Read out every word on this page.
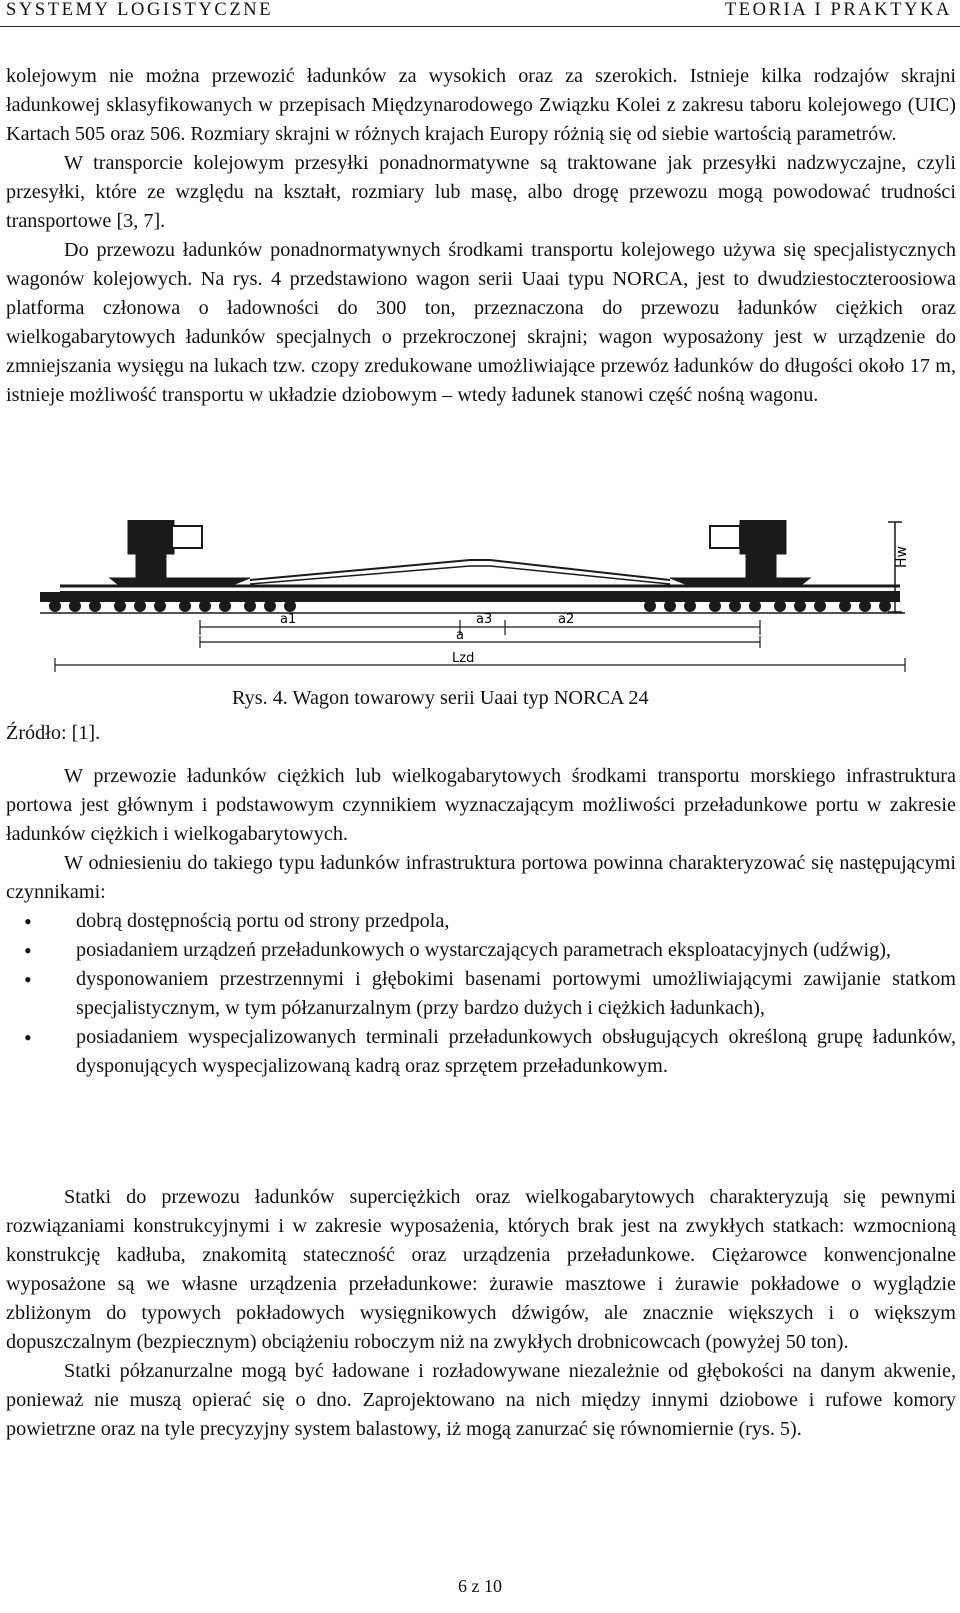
SYSTEMY LOGISTYCZNE	TEORIA I PRAKTYKA

kolejowym nie można przewozić ładunków za wysokich oraz za szerokich. Istnieje kilka rodzajów skrajni ładunkowej sklasyfikowanych w przepisach Międzynarodowego Związku Kolei z zakresu taboru kolejowego (UIC) Kartach 505 oraz 506. Rozmiary skrajni w różnych krajach Europy różnią się od siebie wartością parametrów.

W transporcie kolejowym przesyłki ponadnormatywne są traktowane jak przesyłki nadzwyczajne, czyli przesyłki, które ze względu na kształt, rozmiary lub masę, albo drogę przewozu mogą powodować trudności transportowe [3, 7].

Do przewozu ładunków ponadnormatywnych środkami transportu kolejowego używa się specjalistycznych wagonów kolejowych. Na rys. 4 przedstawiono wagon serii Uaai typu NORCA, jest to dwudziestoczteroosiowa platforma członowa o ładowności do 300 ton, przeznaczona do przewozu ładunków ciężkich oraz wielkogabarytowych ładunków specjalnych o przekroczonej skrajni; wagon wyposażony jest w urządzenie do zmniejszania wysięgu na lukach tzw. czopy zredukowane umożliwiające przewóz ładunków do długości około 17 m, istnieje możliwość transportu w układzie dziobowym – wtedy ładunek stanowi część nośną wagonu.

Hw
a1	a3	a2
a
Lzd
Rys. 4. Wagon towarowy serii Uaai typ NORCA 24
Źródło: [1].

W przewozie ładunków ciężkich lub wielkogabarytowych środkami transportu morskiego infrastruktura portowa jest głównym i podstawowym czynnikiem wyznaczającym możliwości przeładunkowe portu w zakresie ładunków ciężkich i wielkogabarytowych.

W odniesieniu do takiego typu ładunków infrastruktura portowa powinna charakteryzować się następującymi czynnikami:

• dobrą dostępnością portu od strony przedpola,
• posiadaniem urządzeń przeładunkowych o wystarczających parametrach eksploatacyjnych (udźwig),
• dysponowaniem przestrzennymi i głębokimi basenami portowymi umożliwiającymi zawijanie statkom specjalistycznym, w tym półzanurzalnym (przy bardzo dużych i ciężkich ładunkach),
• posiadaniem wyspecjalizowanych terminali przeładunkowych obsługujących określoną grupę ładunków, dysponujących wyspecjalizowaną kadrą oraz sprzętem przeładunkowym.

Statki do przewozu ładunków superciężkich oraz wielkogabarytowych charakteryzują się pewnymi rozwiązaniami konstrukcyjnymi i w zakresie wyposażenia, których brak jest na zwykłych statkach: wzmocnioną konstrukcję kadłuba, znakomitą stateczność oraz urządzenia przeładunkowe. Ciężarowce konwencjonalne wyposażone są we własne urządzenia przeładunkowe: żurawie masztowe i żurawie pokładowe o wyglądzie zbliżonym do typowych pokładowych wysięgnikowych dźwigów, ale znacznie większych i o większym dopuszczalnym (bezpiecznym) obciążeniu roboczym niż na zwykłych drobnicowcach (powyżej 50 ton).

Statki półzanurzalne mogą być ładowane i rozładowywane niezależnie od głębokości na danym akwenie, ponieważ nie muszą opierać się o dno. Zaprojektowano na nich między innymi dziobowe i rufowe komory powietrzne oraz na tyle precyzyjny system balastowy, iż mogą zanurzać się równomiernie (rys. 5).

6 z 10
